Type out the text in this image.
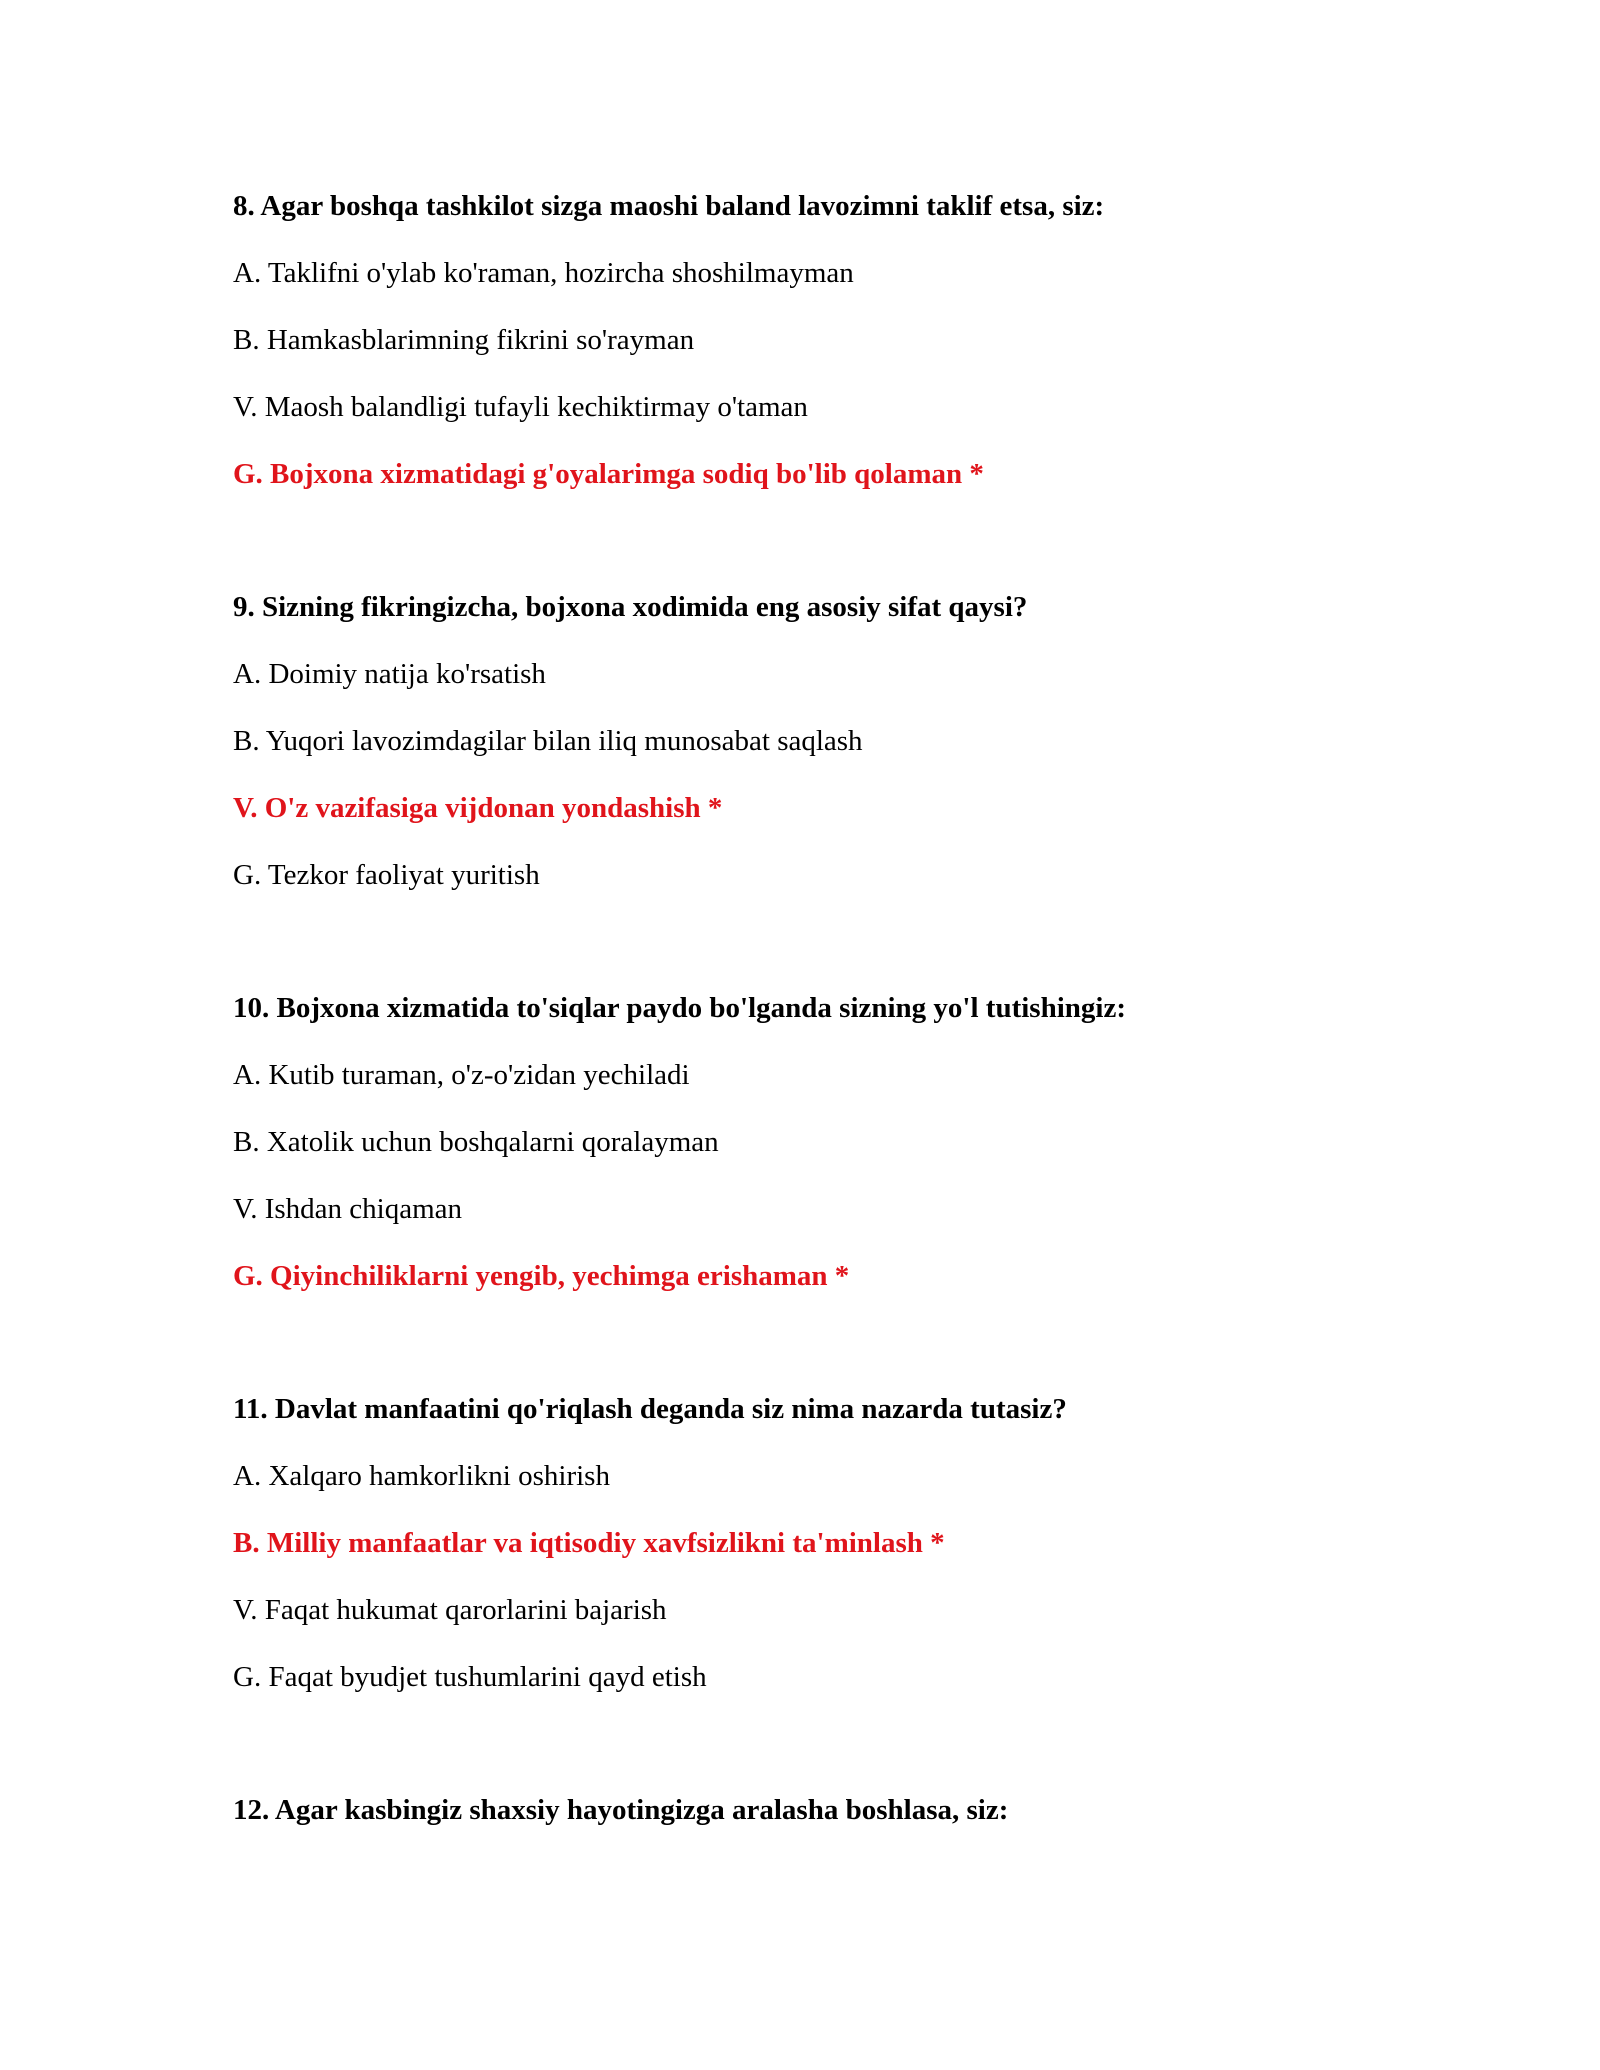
8. Agar boshqa tashkilot sizga maoshi baland lavozimni taklif etsa, siz:
A. Taklifni o'ylab ko'raman, hozircha shoshilmayman
B. Hamkasblarimning fikrini so'rayman
V. Maosh balandligi tufayli kechiktirmay o'taman
G. Bojxona xizmatidagi g'oyalarimga sodiq bo'lib qolaman *
9. Sizning fikringizcha, bojxona xodimida eng asosiy sifat qaysi?
A. Doimiy natija ko'rsatish
B. Yuqori lavozimdagilar bilan iliq munosabat saqlash
V. O'z vazifasiga vijdonan yondashish *
G. Tezkor faoliyat yuritish
10. Bojxona xizmatida to'siqlar paydo bo'lganda sizning yo'l tutishingiz:
A. Kutib turaman, o'z-o'zidan yechiladi
B. Xatolik uchun boshqalarni qoralayman
V. Ishdan chiqaman
G. Qiyinchiliklarni yengib, yechimga erishaman *
11. Davlat manfaatini qo'riqlash deganda siz nima nazarda tutasiz?
A. Xalqaro hamkorlikni oshirish
B. Milliy manfaatlar va iqtisodiy xavfsizlikni ta'minlash *
V. Faqat hukumat qarorlarini bajarish
G. Faqat byudjet tushumlarini qayd etish
12. Agar kasbingiz shaxsiy hayotingizga aralasha boshlasa, siz:
